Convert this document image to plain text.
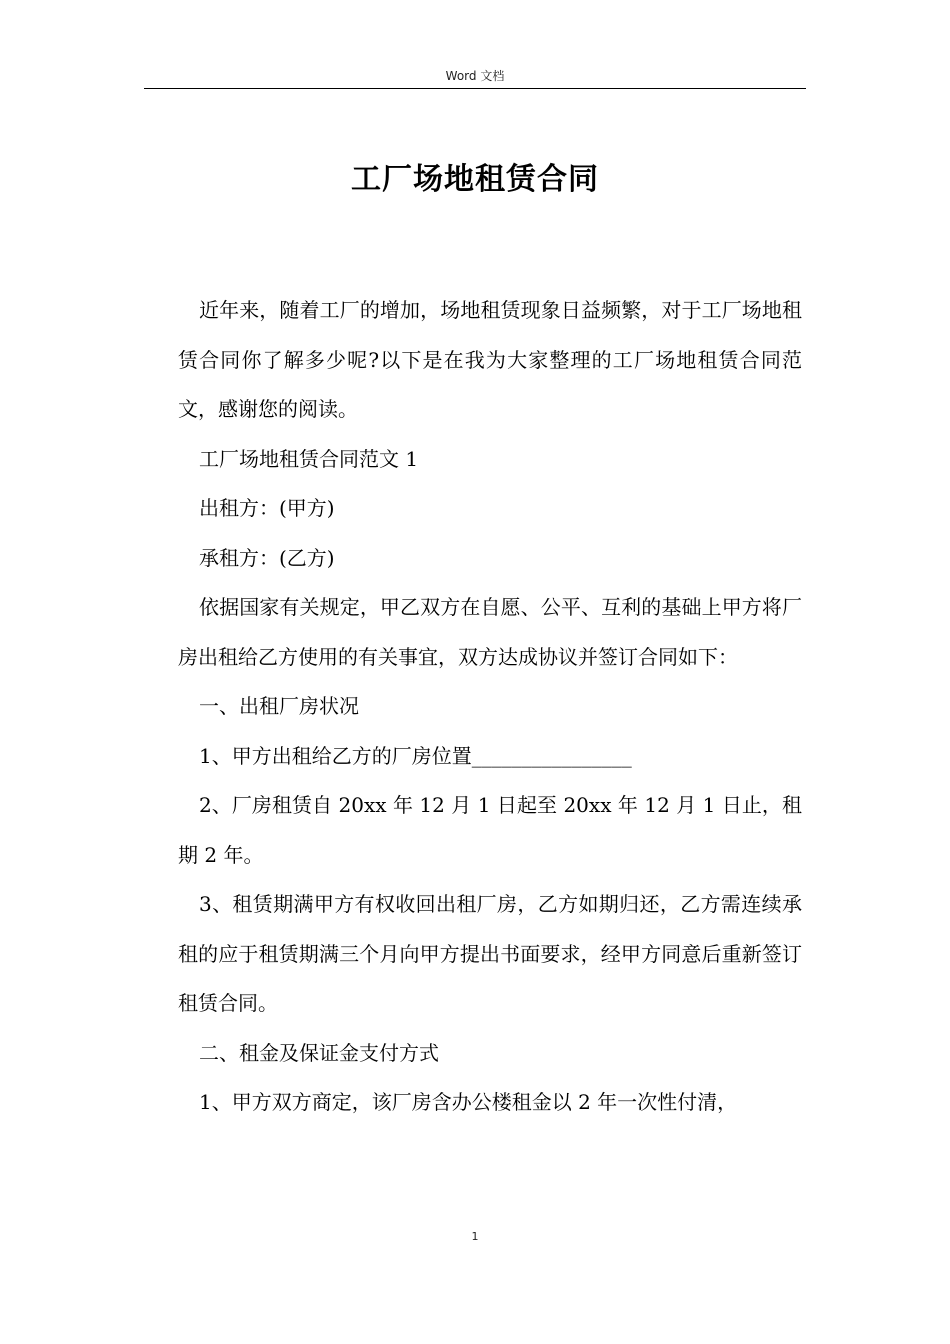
Word 文档
工厂场地租赁合同

近年来，随着工厂的增加，场地租赁现象日益频繁，对于工厂场地租赁合同你了解多少呢?以下是在我为大家整理的工厂场地租赁合同范文，感谢您的阅读。

工厂场地租赁合同范文 1

出租方：(甲方)

承租方：(乙方)

依据国家有关规定，甲乙双方在自愿、公平、互利的基础上甲方将厂房出租给乙方使用的有关事宜，双方达成协议并签订合同如下：

一、出租厂房状况

1、甲方出租给乙方的厂房位置________________

2、厂房租赁自 20xx 年 12 月 1 日起至 20xx 年 12 月 1 日止，租期 2 年。

3、租赁期满甲方有权收回出租厂房，乙方如期归还，乙方需连续承租的应于租赁期满三个月向甲方提出书面要求，经甲方同意后重新签订租赁合同。

二、租金及保证金支付方式

1、甲方双方商定，该厂房含办公楼租金以 2 年一次性付清，

1
